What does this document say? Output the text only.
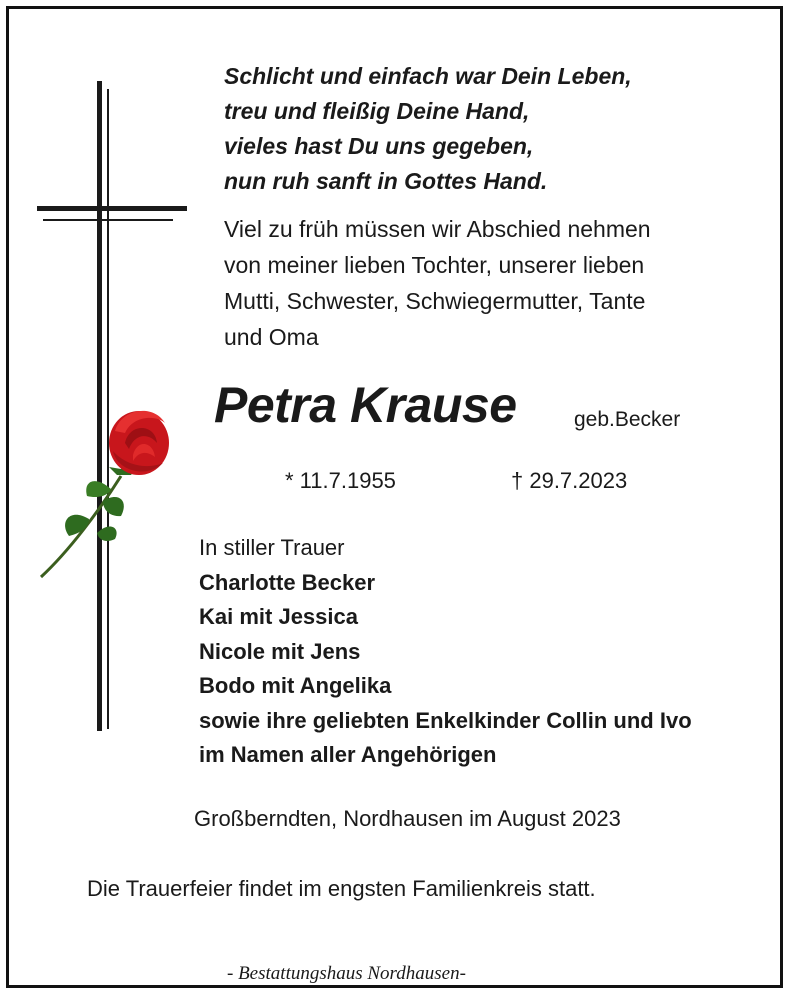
Schlicht und einfach war Dein Leben,
treu und fleißig Deine Hand,
vieles hast Du uns gegeben,
nun ruh sanft in Gottes Hand.
Viel zu früh müssen wir Abschied nehmen
von meiner lieben Tochter, unserer lieben
Mutti, Schwester, Schwiegermutter, Tante
und Oma
Petra Krause	geb.Becker
* 11.7.1955	† 29.7.2023
In stiller Trauer
Charlotte Becker
Kai mit Jessica
Nicole mit Jens
Bodo mit Angelika
sowie ihre geliebten Enkelkinder Collin und Ivo
im Namen aller Angehörigen
Großberndten, Nordhausen im August 2023
Die Trauerfeier findet im engsten Familienkreis statt.
- Bestattungshaus Nordhausen-
